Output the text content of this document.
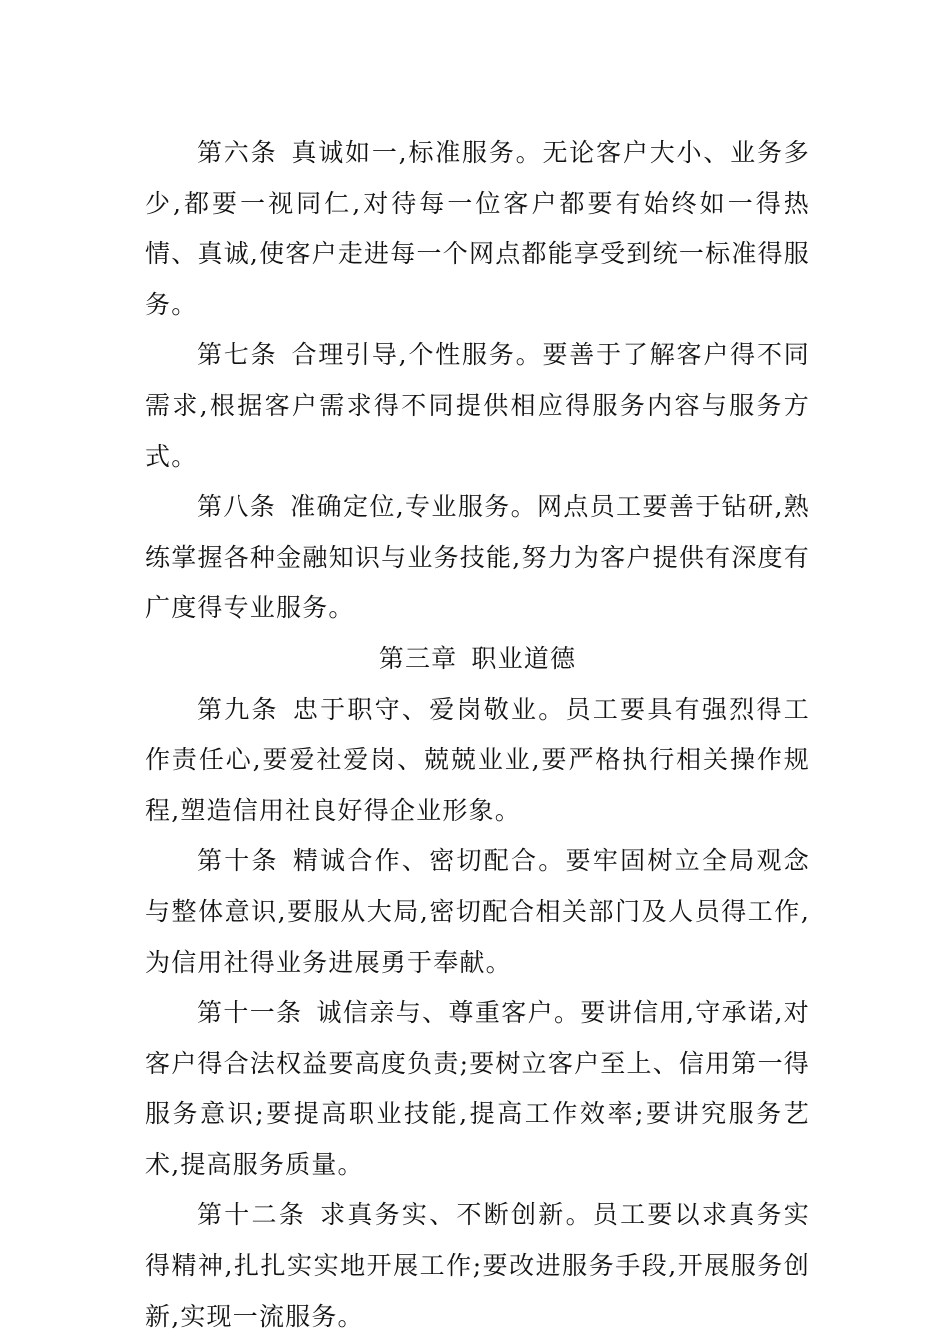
第六条 真诚如一,标准服务。无论客户大小、业务多少,都要一视同仁,对待每一位客户都要有始终如一得热情、真诚,使客户走进每一个网点都能享受到统一标准得服务。

第七条 合理引导,个性服务。要善于了解客户得不同需求,根据客户需求得不同提供相应得服务内容与服务方式。

第八条 准确定位,专业服务。网点员工要善于钻研,熟练掌握各种金融知识与业务技能,努力为客户提供有深度有广度得专业服务。

第三章 职业道德

第九条 忠于职守、爱岗敬业。员工要具有强烈得工作责任心,要爱社爱岗、兢兢业业,要严格执行相关操作规程,塑造信用社良好得企业形象。

第十条 精诚合作、密切配合。要牢固树立全局观念与整体意识,要服从大局,密切配合相关部门及人员得工作,为信用社得业务进展勇于奉献。

第十一条 诚信亲与、尊重客户。要讲信用,守承诺,对客户得合法权益要高度负责;要树立客户至上、信用第一得服务意识;要提高职业技能,提高工作效率;要讲究服务艺术,提高服务质量。

第十二条 求真务实、不断创新。员工要以求真务实得精神,扎扎实实地开展工作;要改进服务手段,开展服务创新,实现一流服务。
